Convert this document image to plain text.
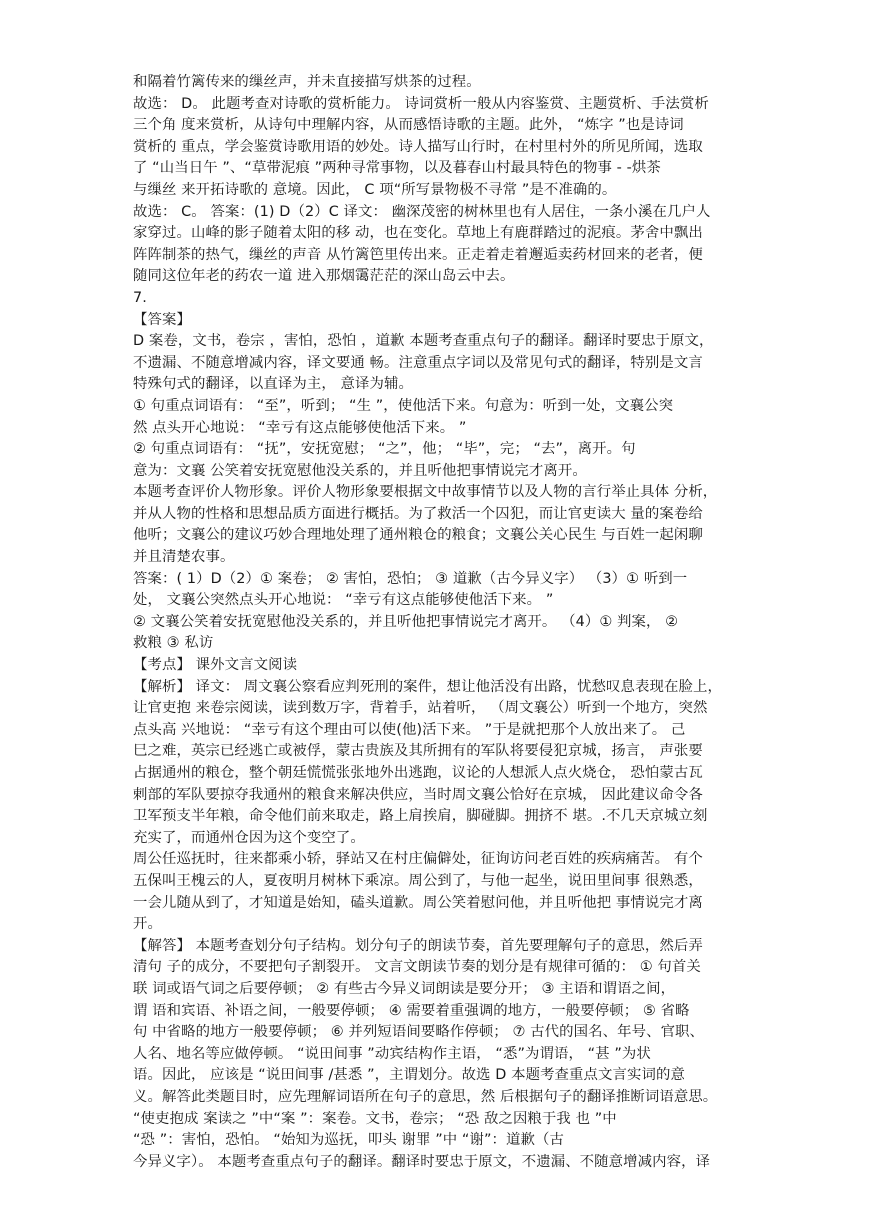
和隔着竹篱传来的缫丝声，并未直接描写烘茶的过程。
故选： D。 此题考查对诗歌的赏析能力。 诗词赏析一般从内容鉴赏、主题赏析、手法赏析
三个角 度来赏析，从诗句中理解内容，从而感悟诗歌的主题。此外， “炼字 ”也是诗词
赏析的 重点，学会鉴赏诗歌用语的妙处。诗人描写山行时，在村里村外的所见所闻，选取
了 “山当日午 ”、“草带泥痕 ”两种寻常事物，以及暮春山村最具特色的物事 - -烘茶
与缫丝 来开拓诗歌的 意境。因此， C 项“所写景物极不寻常 ”是不准确的。
故选： C。 答案：(1) D（2）C 译文： 幽深茂密的树林里也有人居住，一条小溪在几户人
家穿过。山峰的影子随着太阳的移 动，也在变化。草地上有鹿群踏过的泥痕。茅舍中飘出
阵阵制茶的热气，缫丝的声音 从竹篱笆里传出来。正走着走着邂逅卖药材回来的老者，便
随同这位年老的药农一道 进入那烟霭茫茫的深山岛云中去。
7.
【答案】
D 案卷，文书，卷宗 ，害怕，恐怕 ，道歉 本题考查重点句子的翻译。翻译时要忠于原文，
不遗漏、不随意增减内容，译文要通 畅。注意重点字词以及常见句式的翻译，特别是文言
特殊句式的翻译，以直译为主， 意译为辅。
① 句重点词语有： “至”，听到； “生 ”，使他活下来。句意为：听到一处，文襄公突
然 点头开心地说： “幸亏有这点能够使他活下来。 ”
② 句重点词语有： “抚”，安抚宽慰； “之”，他； “毕”，完； “去”，离开。句
意为：文襄 公笑着安抚宽慰他没关系的，并且听他把事情说完才离开。
本题考查评价人物形象。评价人物形象要根据文中故事情节以及人物的言行举止具体 分析，
并从人物的性格和思想品质方面进行概括。为了救活一个囚犯，而让官吏读大 量的案卷给
他听；文襄公的建议巧妙合理地处理了通州粮仓的粮食；文襄公关心民生 与百姓一起闲聊
并且清楚农事。
答案：( 1）D（2）① 案卷； ② 害怕，恐怕； ③ 道歉（古今异义字） （3）① 听到一
处， 文襄公突然点头开心地说： “幸亏有这点能够使他活下来。 ”
② 文襄公笑着安抚宽慰他没关系的，并且听他把事情说完才离开。 （4）① 判案， ②
救粮 ③ 私访
【考点】 课外文言文阅读
【解析】 译文： 周文襄公察看应判死刑的案件，想让他活没有出路，忧愁叹息表现在脸上，
让官吏抱 来卷宗阅读，读到数万字，背着手，站着听， （周文襄公）听到一个地方，突然
点头高 兴地说： “幸亏有这个理由可以使(他)活下来。 ”于是就把那个人放出来了。 己
巳之难，英宗已经逃亡或被俘，蒙古贵族及其所拥有的军队将要侵犯京城，扬言， 声张要
占据通州的粮仓，整个朝廷慌慌张张地外出逃跑，议论的人想派人点火烧仓， 恐怕蒙古瓦
剌部的军队要掠夺我通州的粮食来解决供应，当时周文襄公恰好在京城， 因此建议命令各
卫军预支半年粮，命令他们前来取走，路上肩挨肩，脚碰脚。拥挤不 堪。.不几天京城立刻
充实了，而通州仓因为这个变空了。
周公任巡抚时，往来都乘小轿，驿站又在村庄偏僻处，征询访问老百姓的疾病痛苦。 有个
五保叫王槐云的人，夏夜明月树林下乘凉。周公到了，与他一起坐，说田里间事 很熟悉，
一会儿随从到了，才知道是始知，磕头道歉。周公笑着慰问他，并且听他把 事情说完才离
开。
【解答】 本题考查划分句子结构。划分句子的朗读节奏，首先要理解句子的意思，然后弄
清句 子的成分，不要把句子割裂开。 文言文朗读节奏的划分是有规律可循的： ① 句首关
联 词或语气词之后要停顿； ② 有些古今异义词朗读是要分开； ③ 主语和谓语之间，
谓 语和宾语、补语之间，一般要停顿； ④ 需要着重强调的地方，一般要停顿； ⑤ 省略
句 中省略的地方一般要停顿； ⑥ 并列短语间要略作停顿； ⑦ 古代的国名、年号、官职、
人名、地名等应做停顿。 “说田间事 ”动宾结构作主语， “悉”为谓语， “甚 ”为状
语。因此， 应该是 “说田间事 /甚悉 ”，主谓划分。故选 D 本题考查重点文言实词的意
义。解答此类题目时，应先理解词语所在句子的意思，然 后根据句子的翻译推断词语意思。
“使吏抱成 案读之 ”中“案 ”：案卷。文书，卷宗； “恐 敌之因粮于我 也 ”中
“恐 ”：害怕，恐怕。 “始知为巡抚，叩头 谢罪 ”中 “谢”：道歉（古
今异义字）。 本题考查重点句子的翻译。翻译时要忠于原文，不遗漏、不随意增减内容，译
